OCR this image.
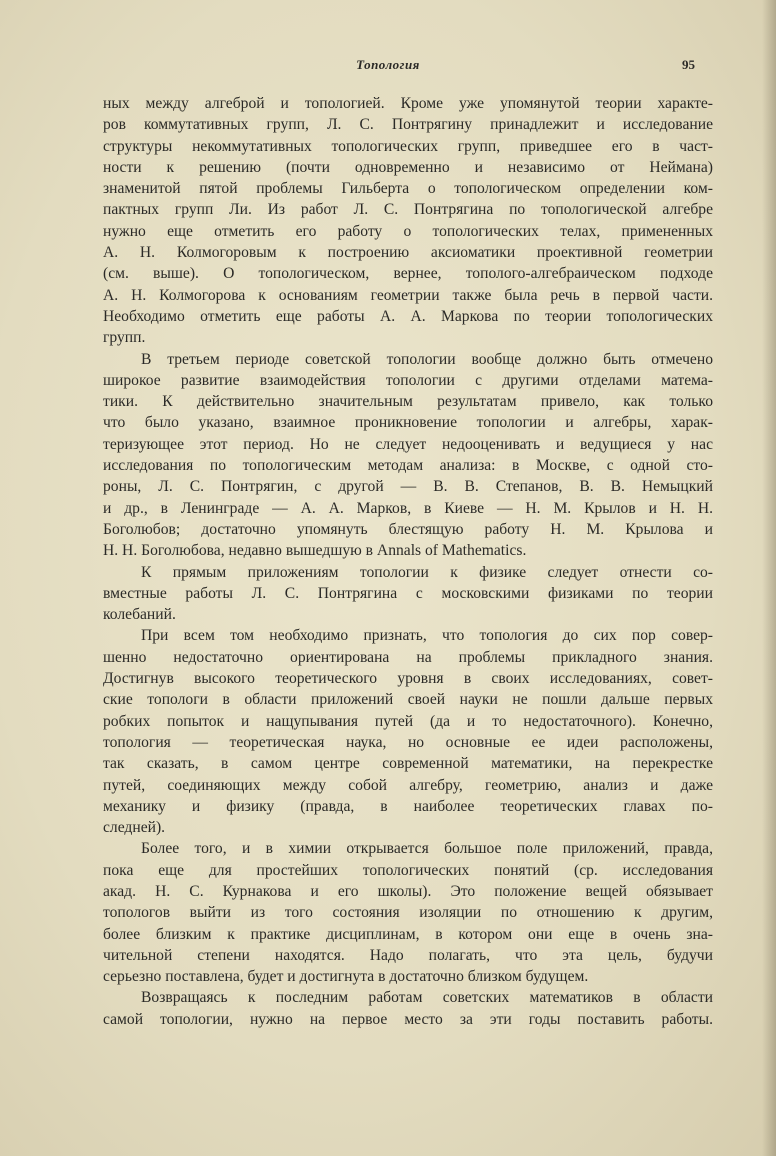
Топология	95
ных между алгеброй и топологией. Кроме уже упомянутой теории характе-
ров коммутативных групп, Л. С. Понтрягину принадлежит и исследование
структуры некоммутативных топологических групп, приведшее его в част-
ности к решению (почти одновременно и независимо от Неймана)
знаменитой пятой проблемы Гильберта о топологическом определении ком-
пактных групп Ли. Из работ Л. С. Понтрягина по топологической алгебре
нужно еще отметить его работу о топологических телах, примененных
А. Н. Колмогоровым к построению аксиоматики проективной геометрии
(см. выше). О топологическом, вернее, тополого-алгебраическом подходе
А. Н. Колмогорова к основаниям геометрии также была речь в первой части.
Необходимо отметить еще работы А. А. Маркова по теории топологических
групп.
В третьем периоде советской топологии вообще должно быть отмечено
широкое развитие взаимодействия топологии с другими отделами матема-
тики. К действительно значительным результатам привело, как только
что было указано, взаимное проникновение топологии и алгебры, харак-
теризующее этот период. Но не следует недооценивать и ведущиеся у нас
исследования по топологическим методам анализа: в Москве, с одной сто-
роны, Л. С. Понтрягин, с другой — В. В. Степанов, В. В. Немыцкий
и др., в Ленинграде — А. А. Марков, в Киеве — Н. М. Крылов и Н. Н.
Боголюбов; достаточно упомянуть блестящую работу Н. М. Крылова и
Н. Н. Боголюбова, недавно вышедшую в Annals of Mathematics.
К прямым приложениям топологии к физике следует отнести со-
вместные работы Л. С. Понтрягина с московскими физиками по теории
колебаний.
При всем том необходимо признать, что топология до сих пор совер-
шенно недостаточно ориентирована на проблемы прикладного знания.
Достигнув высокого теоретического уровня в своих исследованиях, совет-
ские топологи в области приложений своей науки не пошли дальше первых
робких попыток и нащупывания путей (да и то недостаточного). Конечно,
топология — теоретическая наука, но основные ее идеи расположены,
так сказать, в самом центре современной математики, на перекрестке
путей, соединяющих между собой алгебру, геометрию, анализ и даже
механику и физику (правда, в наиболее теоретических главах по-
следней).
Более того, и в химии открывается большое поле приложений, правда,
пока еще для простейших топологических понятий (ср. исследования
акад. Н. С. Курнакова и его школы). Это положение вещей обязывает
топологов выйти из того состояния изоляции по отношению к другим,
более близким к практике дисциплинам, в котором они еще в очень зна-
чительной степени находятся. Надо полагать, что эта цель, будучи
серьезно поставлена, будет и достигнута в достаточно близком будущем.
Возвращаясь к последним работам советских математиков в области
самой топологии, нужно на первое место за эти годы поставить работы.
